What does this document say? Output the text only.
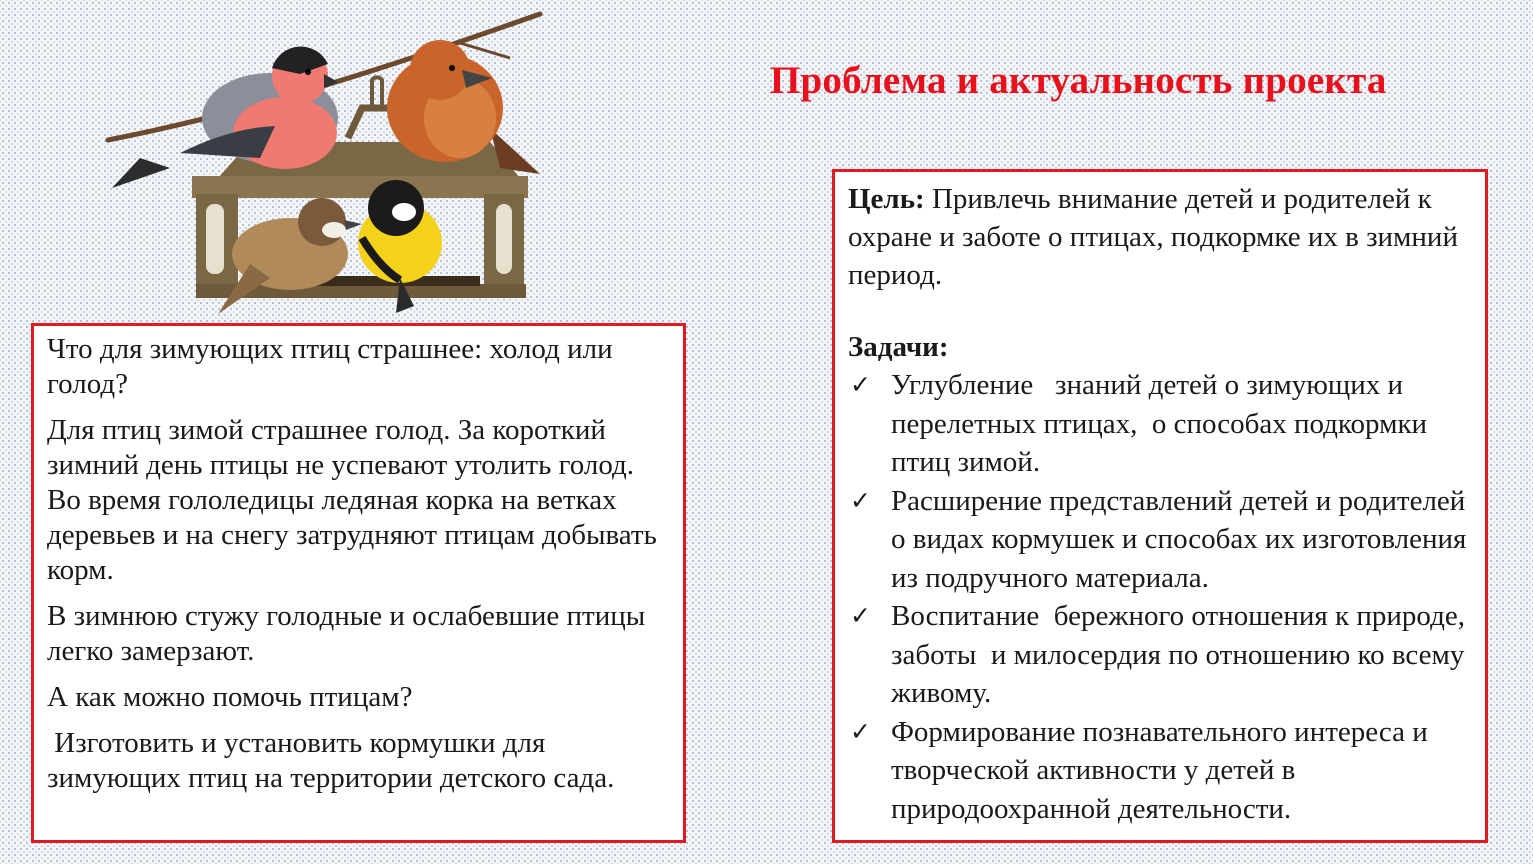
Проблема и актуальность проекта

Что для зимующих птиц страшнее: холод или голод?

Для птиц зимой страшнее голод. За короткий зимний день птицы не успевают утолить голод. Во время гололедицы ледяная корка на ветках деревьев и на снегу затрудняют птицам добывать корм.

В зимнюю стужу голодные и ослабевшие птицы легко замерзают.

А как можно помочь птицам?

Изготовить и установить кормушки для зимующих птиц на территории детского сада.

Цель: Привлечь внимание детей и родителей к охране и заботе о птицах, подкормке их в зимний период.

Задачи:
✓ Углубление   знаний детей о зимующих и перелетных птицах,  о способах подкормки птиц зимой.
✓ Расширение представлений детей и родителей о видах кормушек и способах их изготовления из подручного материала.
✓ Воспитание  бережного отношения к природе, заботы  и милосердия по отношению ко всему живому.
✓ Формирование познавательного интереса и творческой активности у детей в природоохранной деятельности.
